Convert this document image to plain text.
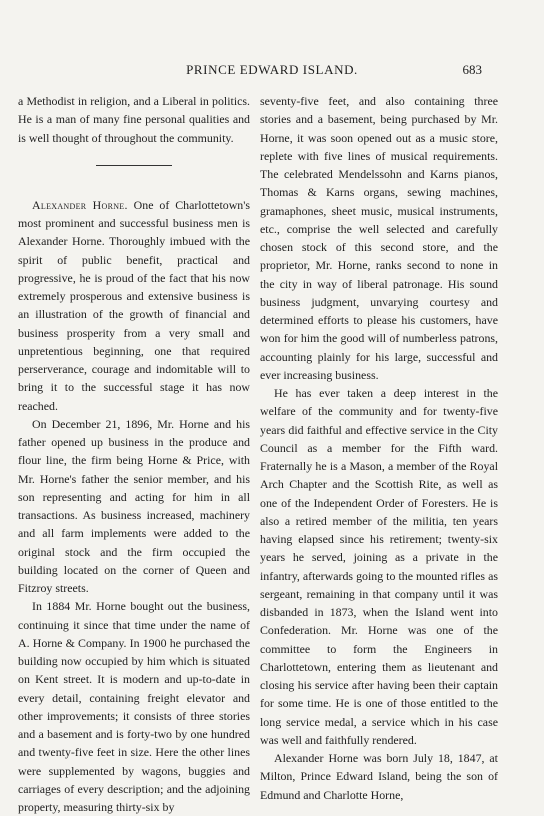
PRINCE EDWARD ISLAND.	683

a Methodist in religion, and a Liberal in politics. He is a man of many fine personal qualities and is well thought of throughout the community.

Alexander Horne. One of Charlottetown's most prominent and successful business men is Alexander Horne. Thoroughly imbued with the spirit of public benefit, practical and progressive, he is proud of the fact that his now extremely prosperous and extensive business is an illustration of the growth of financial and business prosperity from a very small and unpretentious beginning, one that required perserverance, courage and indomitable will to bring it to the successful stage it has now reached.

On December 21, 1896, Mr. Horne and his father opened up business in the produce and flour line, the firm being Horne & Price, with Mr. Horne's father the senior member, and his son representing and acting for him in all transactions. As business increased, machinery and all farm implements were added to the original stock and the firm occupied the building located on the corner of Queen and Fitzroy streets.

In 1884 Mr. Horne bought out the business, continuing it since that time under the name of A. Horne & Company. In 1900 he purchased the building now occupied by him which is situated on Kent street. It is modern and up-to-date in every detail, containing freight elevator and other improvements; it consists of three stories and a basement and is forty-two by one hundred and twenty-five feet in size. Here the other lines were supplemented by wagons, buggies and carriages of every description; and the adjoining property, measuring thirty-six by

seventy-five feet, and also containing three stories and a basement, being purchased by Mr. Horne, it was soon opened out as a music store, replete with five lines of musical requirements. The celebrated Mendelssohn and Karns pianos, Thomas & Karns organs, sewing machines, gramaphones, sheet music, musical instruments, etc., comprise the well selected and carefully chosen stock of this second store, and the proprietor, Mr. Horne, ranks second to none in the city in way of liberal patronage. His sound business judgment, unvarying courtesy and determined efforts to please his customers, have won for him the good will of numberless patrons, accounting plainly for his large, successful and ever increasing business.

He has ever taken a deep interest in the welfare of the community and for twenty-five years did faithful and effective service in the City Council as a member for the Fifth ward. Fraternally he is a Mason, a member of the Royal Arch Chapter and the Scottish Rite, as well as one of the Independent Order of Foresters. He is also a retired member of the militia, ten years having elapsed since his retirement; twenty-six years he served, joining as a private in the infantry, afterwards going to the mounted rifles as sergeant, remaining in that company until it was disbanded in 1873, when the Island went into Confederation. Mr. Horne was one of the committee to form the Engineers in Charlottetown, entering them as lieutenant and closing his service after having been their captain for some time. He is one of those entitled to the long service medal, a service which in his case was well and faithfully rendered.

Alexander Horne was born July 18, 1847, at Milton, Prince Edward Island, being the son of Edmund and Charlotte Horne,
